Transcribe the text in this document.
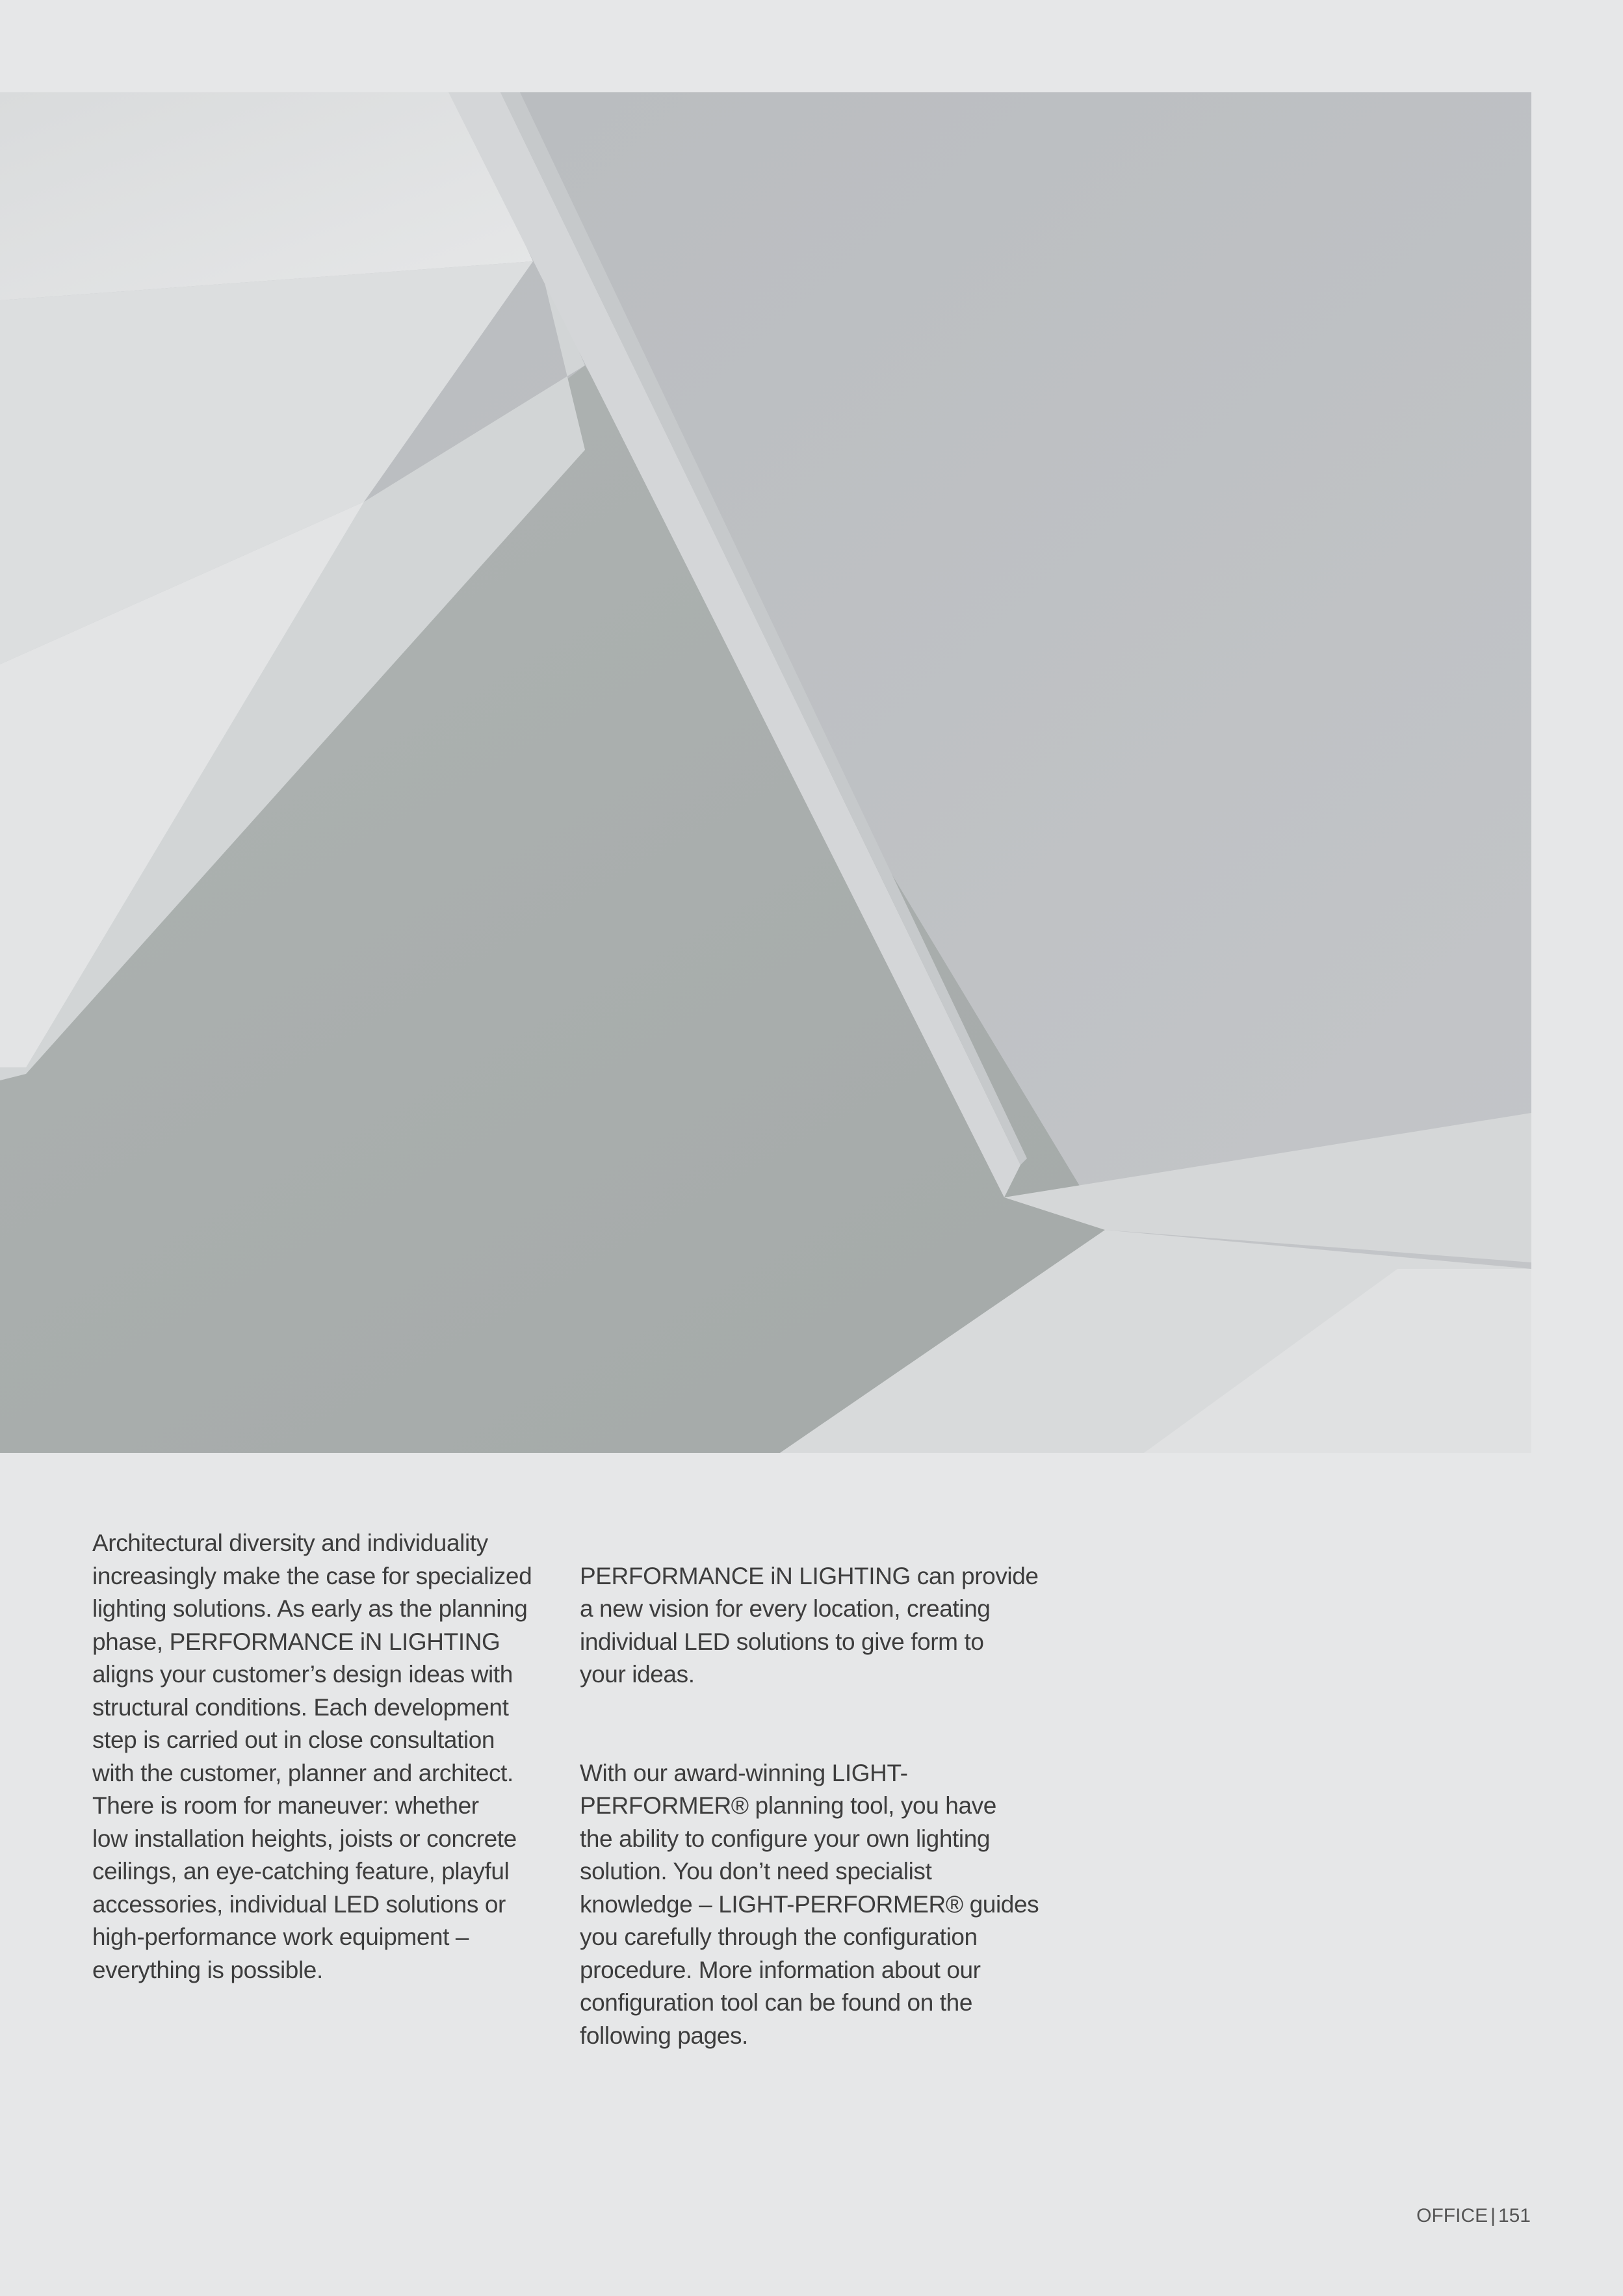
Architectural diversity and individuality
increasingly make the case for specialized
lighting solutions. As early as the planning
phase, PERFORMANCE iN LIGHTING
aligns your customer’s design ideas with
structural conditions. Each development
step is carried out in close consultation
with the customer, planner and architect.
There is room for maneuver: whether
low installation heights, joists or concrete
ceilings, an eye-catching feature, playful
accessories, individual LED solutions or
high-performance work equipment –
everything is possible.

PERFORMANCE iN LIGHTING can provide
a new vision for every location, creating
individual LED solutions to give form to
your ideas.

With our award-winning LIGHT-
PERFORMER® planning tool, you have
the ability to configure your own lighting
solution. You don’t need specialist
knowledge – LIGHT-PERFORMER® guides
you carefully through the configuration
procedure. More information about our
configuration tool can be found on the
following pages.

OFFICE | 151
